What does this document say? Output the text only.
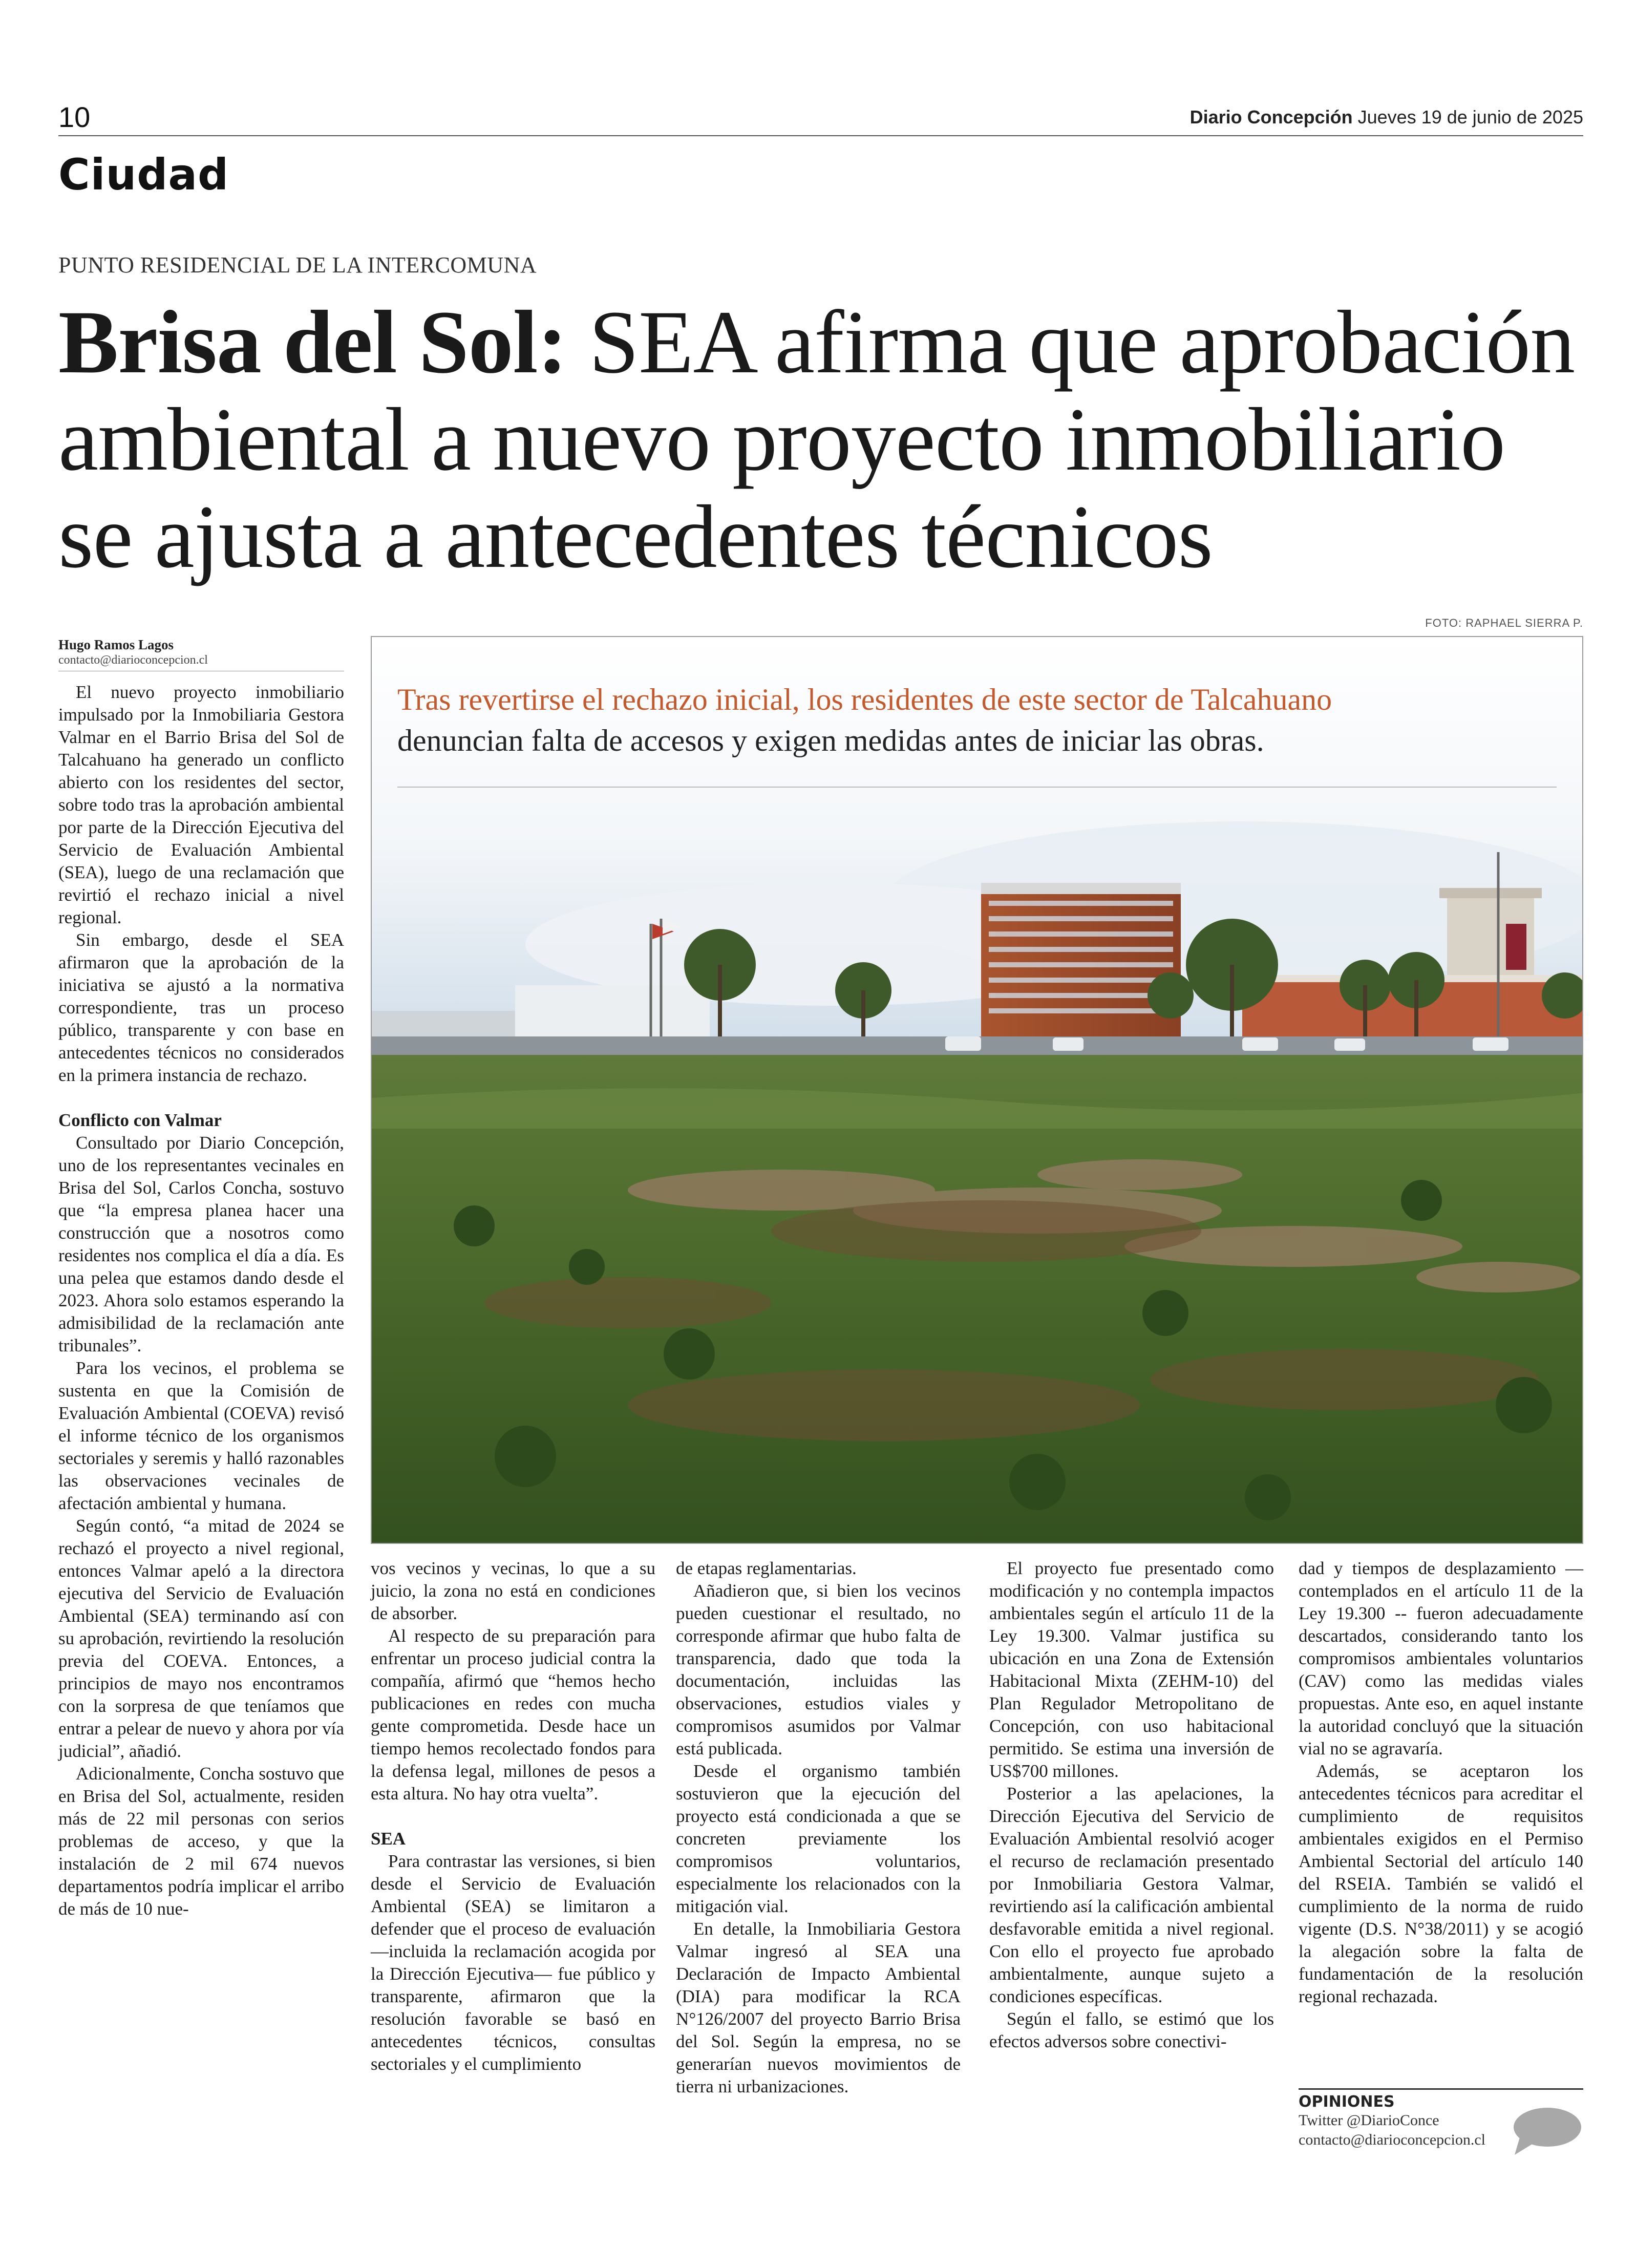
10	Diario Concepción Jueves 19 de junio de 2025
Ciudad
PUNTO RESIDENCIAL DE LA INTERCOMUNA
Brisa del Sol: SEA afirma que aprobación
ambiental a nuevo proyecto inmobiliario
se ajusta a antecedentes técnicos
FOTO: RAPHAEL SIERRA P.
Tras revertirse el rechazo inicial, los residentes de este sector de Talcahuano
denuncian falta de accesos y exigen medidas antes de iniciar las obras.
Hugo Ramos Lagos
contacto@diarioconcepcion.cl

El nuevo proyecto inmobiliario impulsado por la Inmobiliaria Gestora Valmar en el Barrio Brisa del Sol de Talcahuano ha generado un conflicto abierto con los residentes del sector, sobre todo tras la aprobación ambiental por parte de la Dirección Ejecutiva del Servicio de Evaluación Ambiental (SEA), luego de una reclamación que revirtió el rechazo inicial a nivel regional.

Sin embargo, desde el SEA afirmaron que la aprobación de la iniciativa se ajustó a la normativa correspondiente, tras un proceso público, transparente y con base en antecedentes técnicos no considerados en la primera instancia de rechazo.

Conflicto con Valmar

Consultado por Diario Concepción, uno de los representantes vecinales en Brisa del Sol, Carlos Concha, sostuvo que “la empresa planea hacer una construcción que a nosotros como residentes nos complica el día a día. Es una pelea que estamos dando desde el 2023. Ahora solo estamos esperando la admisibilidad de la reclamación ante tribunales”.

Para los vecinos, el problema se sustenta en que la Comisión de Evaluación Ambiental (COEVA) revisó el informe técnico de los organismos sectoriales y seremis y halló razonables las observaciones vecinales de afectación ambiental y humana.

Según contó, “a mitad de 2024 se rechazó el proyecto a nivel regional, entonces Valmar apeló a la directora ejecutiva del Servicio de Evaluación Ambiental (SEA) terminando así con su aprobación, revirtiendo la resolución previa del COEVA. Entonces, a principios de mayo nos encontramos con la sorpresa de que teníamos que entrar a pelear de nuevo y ahora por vía judicial”, añadió.

Adicionalmente, Concha sostuvo que en Brisa del Sol, actualmente, residen más de 22 mil personas con serios problemas de acceso, y que la instalación de 2 mil 674 nuevos departamentos podría implicar el arribo de más de 10 nue-

vos vecinos y vecinas, lo que a su juicio, la zona no está en condiciones de absorber.

Al respecto de su preparación para enfrentar un proceso judicial contra la compañía, afirmó que “hemos hecho publicaciones en redes con mucha gente comprometida. Desde hace un tiempo hemos recolectado fondos para la defensa legal, millones de pesos a esta altura. No hay otra vuelta”.

SEA

Para contrastar las versiones, si bien desde el Servicio de Evaluación Ambiental (SEA) se limitaron a defender que el proceso de evaluación —incluida la reclamación acogida por la Dirección Ejecutiva— fue público y transparente, afirmaron que la resolución favorable se basó en antecedentes técnicos, consultas sectoriales y el cumplimiento

de etapas reglamentarias.

Añadieron que, si bien los vecinos pueden cuestionar el resultado, no corresponde afirmar que hubo falta de transparencia, dado que toda la documentación, incluidas las observaciones, estudios viales y compromisos asumidos por Valmar está publicada.

Desde el organismo también sostuvieron que la ejecución del proyecto está condicionada a que se concreten previamente los compromisos voluntarios, especialmente los relacionados con la mitigación vial.

En detalle, la Inmobiliaria Gestora Valmar ingresó al SEA una Declaración de Impacto Ambiental (DIA) para modificar la RCA N°126/2007 del proyecto Barrio Brisa del Sol. Según la empresa, no se generarían nuevos movimientos de tierra ni urbanizaciones.

El proyecto fue presentado como modificación y no contempla impactos ambientales según el artículo 11 de la Ley 19.300. Valmar justifica su ubicación en una Zona de Extensión Habitacional Mixta (ZEHM-10) del Plan Regulador Metropolitano de Concepción, con uso habitacional permitido. Se estima una inversión de US$700 millones.

Posterior a las apelaciones, la Dirección Ejecutiva del Servicio de Evaluación Ambiental resolvió acoger el recurso de reclamación presentado por Inmobiliaria Gestora Valmar, revirtiendo así la calificación ambiental desfavorable emitida a nivel regional. Con ello el proyecto fue aprobado ambientalmente, aunque sujeto a condiciones específicas.

Según el fallo, se estimó que los efectos adversos sobre conectivi-

dad y tiempos de desplazamiento —contemplados en el artículo 11 de la Ley 19.300 -- fueron adecuadamente descartados, considerando tanto los compromisos ambientales voluntarios (CAV) como las medidas viales propuestas. Ante eso, en aquel instante la autoridad concluyó que la situación vial no se agravaría.

Además, se aceptaron los antecedentes técnicos para acreditar el cumplimiento de requisitos ambientales exigidos en el Permiso Ambiental Sectorial del artículo 140 del RSEIA. También se validó el cumplimiento de la norma de ruido vigente (D.S. N°38/2011) y se acogió la alegación sobre la falta de fundamentación de la resolución regional rechazada.

OPINIONES
Twitter @DiarioConce
contacto@diarioconcepcion.cl
